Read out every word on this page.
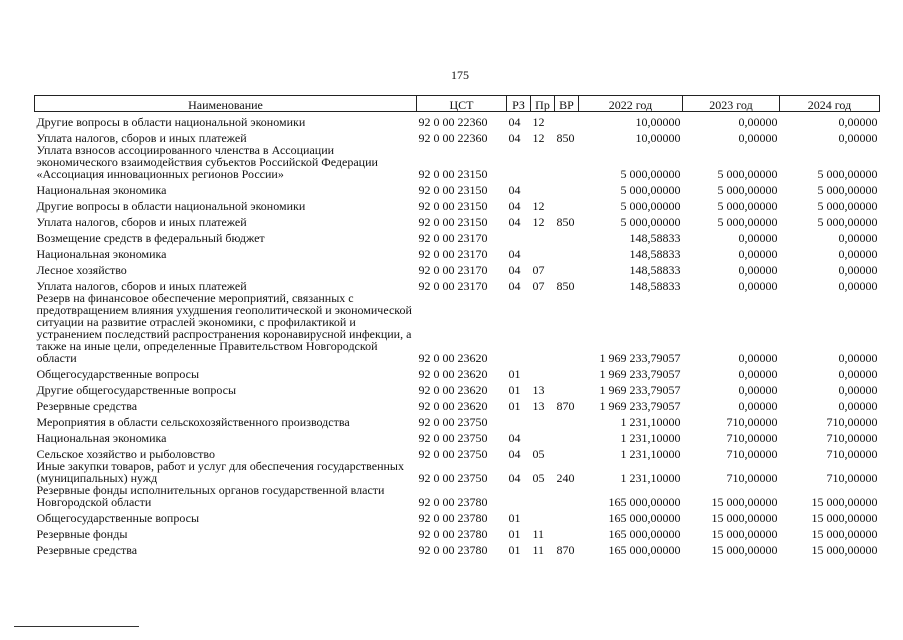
175
Наименование	ЦСТ	РЗ	Пр	ВР	2022 год	2023 год	2024 год
Другие вопросы в области национальной экономики	92 0 00 22360	04	12		10,00000	0,00000	0,00000
Уплата налогов, сборов и иных платежей	92 0 00 22360	04	12	850	10,00000	0,00000	0,00000
Уплата взносов ассоциированного членства в Ассоциации экономического взаимодействия субъектов Российской Федерации «Ассоциация инновационных регионов России»	92 0 00 23150				5 000,00000	5 000,00000	5 000,00000
Национальная экономика	92 0 00 23150	04			5 000,00000	5 000,00000	5 000,00000
Другие вопросы в области национальной экономики	92 0 00 23150	04	12		5 000,00000	5 000,00000	5 000,00000
Уплата налогов, сборов и иных платежей	92 0 00 23150	04	12	850	5 000,00000	5 000,00000	5 000,00000
Возмещение средств в федеральный бюджет	92 0 00 23170				148,58833	0,00000	0,00000
Национальная экономика	92 0 00 23170	04			148,58833	0,00000	0,00000
Лесное хозяйство	92 0 00 23170	04	07		148,58833	0,00000	0,00000
Уплата налогов, сборов и иных платежей	92 0 00 23170	04	07	850	148,58833	0,00000	0,00000
Резерв на финансовое обеспечение мероприятий, связанных с предотвращением влияния ухудшения геополитической и экономической ситуации на развитие отраслей экономики, с профилактикой и устранением последствий распространения коронавирусной инфекции, а также на иные цели, определенные Правительством Новгородской области	92 0 00 23620				1 969 233,79057	0,00000	0,00000
Общегосударственные вопросы	92 0 00 23620	01			1 969 233,79057	0,00000	0,00000
Другие общегосударственные вопросы	92 0 00 23620	01	13		1 969 233,79057	0,00000	0,00000
Резервные средства	92 0 00 23620	01	13	870	1 969 233,79057	0,00000	0,00000
Мероприятия в области сельскохозяйственного производства	92 0 00 23750				1 231,10000	710,00000	710,00000
Национальная экономика	92 0 00 23750	04			1 231,10000	710,00000	710,00000
Сельское хозяйство и рыболовство	92 0 00 23750	04	05		1 231,10000	710,00000	710,00000
Иные закупки товаров, работ и услуг для обеспечения государственных (муниципальных) нужд	92 0 00 23750	04	05	240	1 231,10000	710,00000	710,00000
Резервные фонды исполнительных органов государственной власти Новгородской области	92 0 00 23780				165 000,00000	15 000,00000	15 000,00000
Общегосударственные вопросы	92 0 00 23780	01			165 000,00000	15 000,00000	15 000,00000
Резервные фонды	92 0 00 23780	01	11		165 000,00000	15 000,00000	15 000,00000
Резервные средства	92 0 00 23780	01	11	870	165 000,00000	15 000,00000	15 000,00000
